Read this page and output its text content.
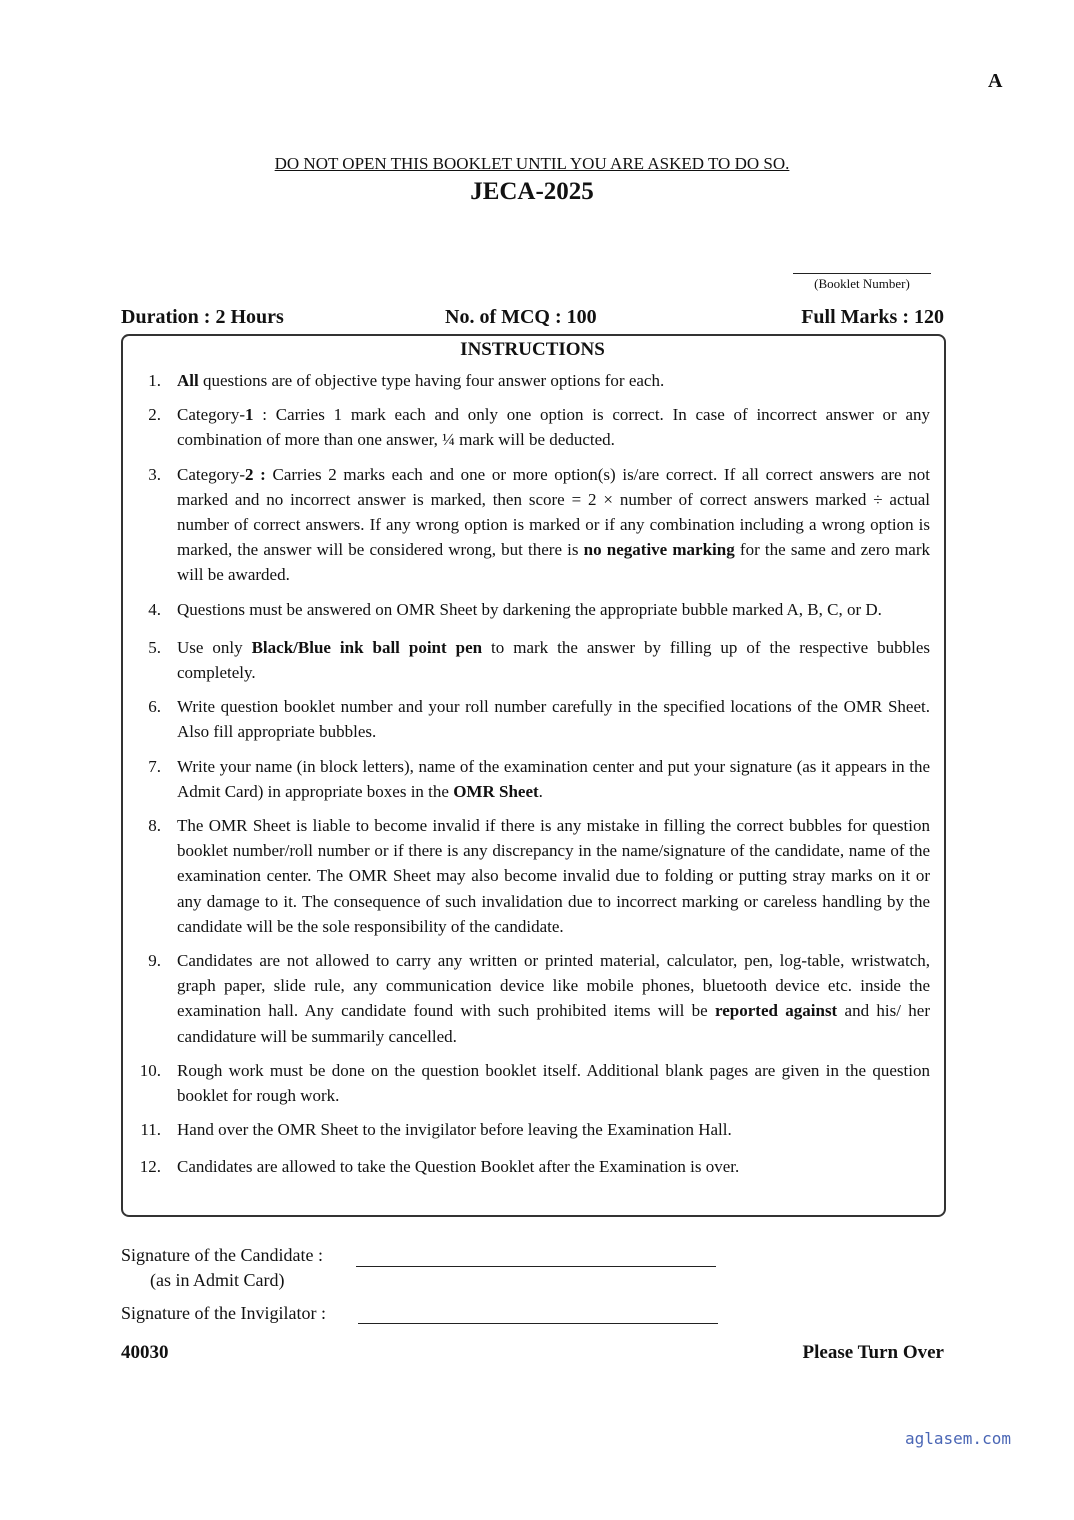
A
DO NOT OPEN THIS BOOKLET UNTIL YOU ARE ASKED TO DO SO.
JECA-2025
(Booklet Number)
Duration : 2 Hours	No. of MCQ : 100	Full Marks : 120
INSTRUCTIONS
1. All questions are of objective type having four answer options for each.
2. Category-1 : Carries 1 mark each and only one option is correct. In case of incorrect answer or any combination of more than one answer, ¼ mark will be deducted.
3. Category-2 : Carries 2 marks each and one or more option(s) is/are correct. If all correct answers are not marked and no incorrect answer is marked, then score = 2 × number of correct answers marked ÷ actual number of correct answers. If any wrong option is marked or if any combination including a wrong option is marked, the answer will be considered wrong, but there is no negative marking for the same and zero mark will be awarded.
4. Questions must be answered on OMR Sheet by darkening the appropriate bubble marked A, B, C, or D.
5. Use only Black/Blue ink ball point pen to mark the answer by filling up of the respective bubbles completely.
6. Write question booklet number and your roll number carefully in the specified locations of the OMR Sheet. Also fill appropriate bubbles.
7. Write your name (in block letters), name of the examination center and put your signature (as it appears in the Admit Card) in appropriate boxes in the OMR Sheet.
8. The OMR Sheet is liable to become invalid if there is any mistake in filling the correct bubbles for question booklet number/roll number or if there is any discrepancy in the name/signature of the candidate, name of the examination center. The OMR Sheet may also become invalid due to folding or putting stray marks on it or any damage to it. The consequence of such invalidation due to incorrect marking or careless handling by the candidate will be the sole responsibility of the candidate.
9. Candidates are not allowed to carry any written or printed material, calculator, pen, log-table, wristwatch, graph paper, slide rule, any communication device like mobile phones, bluetooth device etc. inside the examination hall. Any candidate found with such prohibited items will be reported against and his/ her candidature will be summarily cancelled.
10. Rough work must be done on the question booklet itself. Additional blank pages are given in the question booklet for rough work.
11. Hand over the OMR Sheet to the invigilator before leaving the Examination Hall.
12. Candidates are allowed to take the Question Booklet after the Examination is over.
Signature of the Candidate :
(as in Admit Card)
Signature of the Invigilator :
40030	Please Turn Over
aglasem.com
